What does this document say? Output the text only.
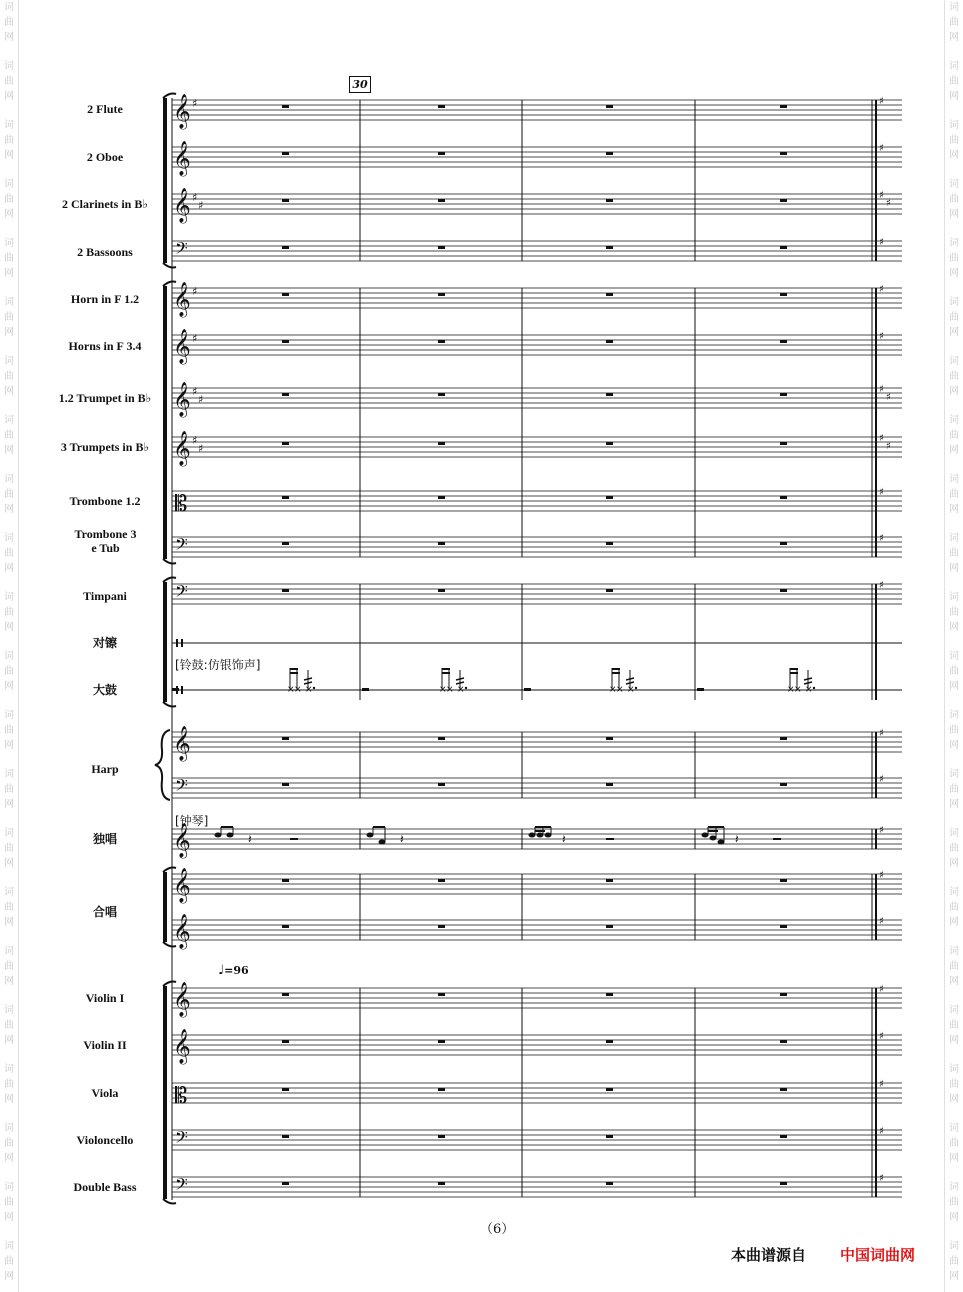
词
曲
网
词
曲
网
词
曲
网
词
曲
网
词
曲
网
词
曲
网
词
曲
网
词
曲
网
词
曲
网
词
曲
网
词
曲
网
词
曲
网
词
曲
网
词
曲
网
词
曲
网
词
曲
网
词
曲
网
词
曲
网
词
曲
网
词
曲
网
词
曲
网
词
曲
网
词
曲
网
词
曲
网
词
曲
网
词
曲
网
词
曲
网
词
曲
网
词
曲
网
词
曲
网
词
曲
网
词
曲
网
词
曲
网
词
曲
网
词
曲
网
词
曲
网
词
曲
网
词
曲
网
词
曲
网
词
曲
网
词
曲
网
词
曲
网
词
曲
网
词
曲
网
𝄞 ♯	♯
𝄞	♯
𝄞 ♯
♯
♯
♯
𝄢	♯
𝄞 ♯	♯
𝄞 ♯	♯
𝄞 ♯
♯
♯
♯
𝄞 ♯
♯
♯
♯
𝄡	♯
𝄢	♯
𝄢	♯
× × ×	× × ×	× × ×	× × ×
𝄞	♯
𝄢	♯
𝄞	♯
𝄽	𝄽	𝄽	𝄽
𝄞	♯
𝄞	♯
𝄞	♯
𝄞	♯
𝄡	♯
𝄢	♯
𝄢	♯
2 Flute
2 Oboe
2 Clarinets in B♭
2 Bassoons
Horn in F 1.2
Horns in F 3.4
1.2 Trumpet in B♭
3 Trumpets in B♭
Trombone 1.2
Trombone 3 e Tub
Timpani
对镲
大鼓
Harp
独唱
合唱
Violin I
Violin II
Viola
Violoncello
Double Bass
30
♩=96
[铃鼓:仿银饰声]
[钟琴]
（6）
本曲谱源自 中国词曲网
